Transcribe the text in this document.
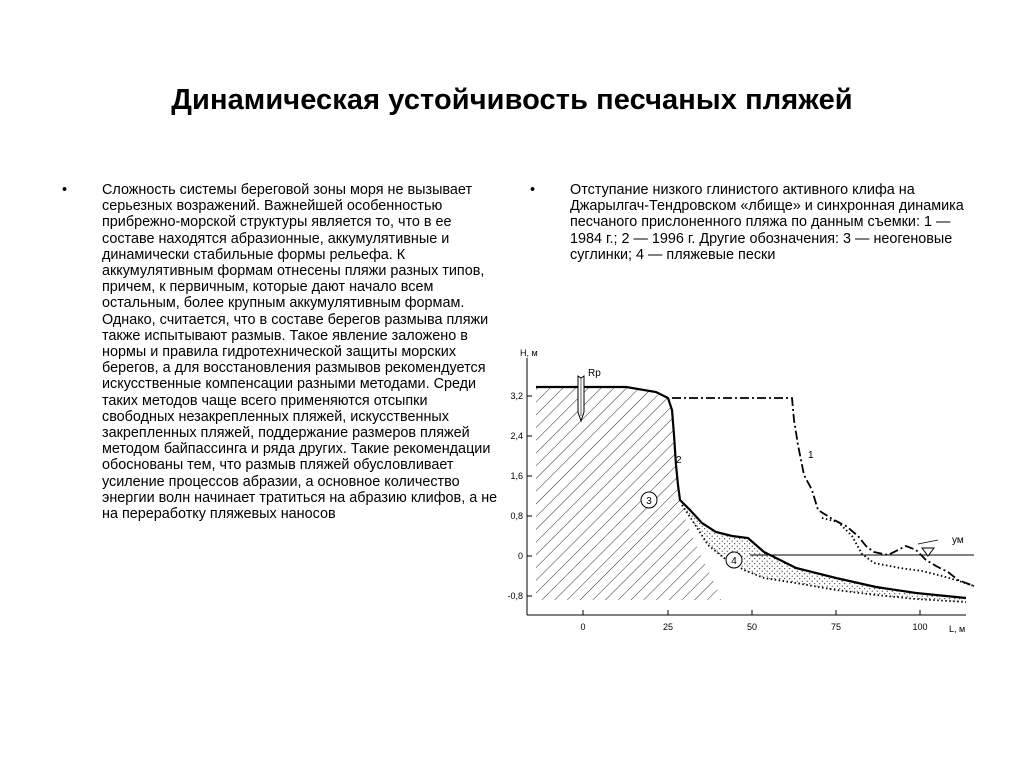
Динамическая устойчивость песчаных пляжей
• Сложность системы береговой зоны моря не вызывает серьезных возражений. Важнейшей особенностью прибрежно-морской структуры является то, что в ее составе находятся абразионные, аккумулятивные и динамически стабильные формы рельефа. К аккумулятивным формам отнесены пляжи разных типов, причем, к первичным, которые дают начало всем остальным, более крупным аккумулятивным формам. Однако, считается, что в составе берегов размыва пляжи также испытывают размыв. Такое явление заложено в нормы и правила гидротехнической защиты морских берегов, а для восстановления размывов рекомендуется искусственные компенсации разными методами. Среди таких методов чаще всего применяются отсыпки свободных незакрепленных пляжей, искусственных закрепленных пляжей, поддержание размеров пляжей методом байпассинга и ряда других. Такие рекомендации обоснованы тем, что размыв пляжей обусловливает усиление процессов абразии, а основное количество энергии волн начинает тратиться на абразию клифов, а не на переработку пляжевых наносов
• Отступание низкого глинистого активного клифа на Джарылгач-Тендровском «лбище» и синхронная динамика песчаного прислоненного пляжа по данным съемки: 1 — 1984 г.; 2 — 1996 г. Другие обозначения: 3 — неогеновые суглинки; 4 — пляжевые пески
Н, м
L, м
3,2
2,4
1,6
0,8
0
-0,8
0	25	50	75	100
Rp
ум
1
2
3
4
